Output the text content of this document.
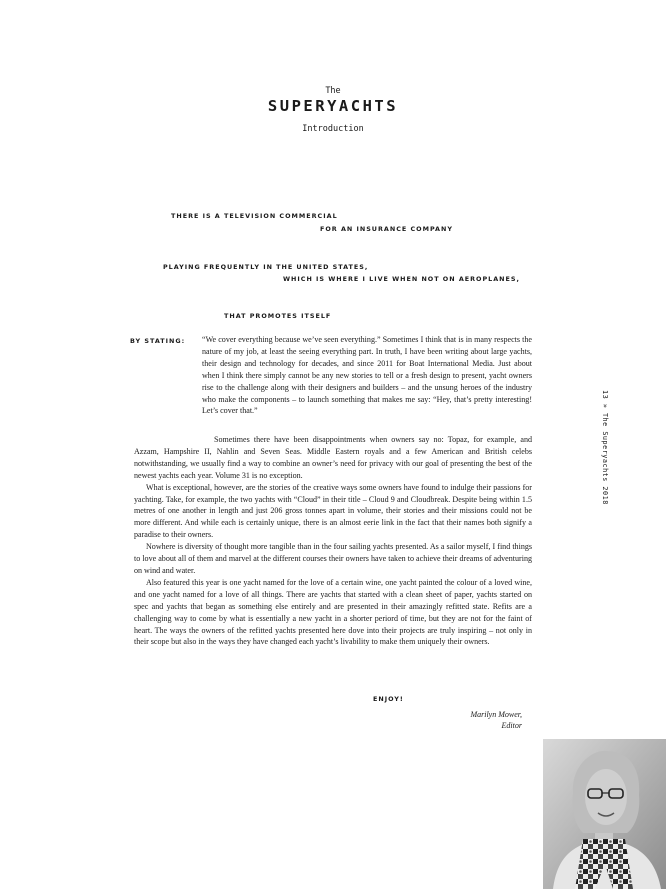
The
SUPERYACHTS
Introduction
THERE IS A TELEVISION COMMERCIAL
FOR AN INSURANCE COMPANY
PLAYING FREQUENTLY IN THE UNITED STATES,
WHICH IS WHERE I LIVE WHEN NOT ON AEROPLANES,
THAT PROMOTES ITSELF
BY STATING: “We cover everything because we’ve seen everything.” Sometimes I think that is in many respects the nature of my job, at least the seeing everything part. In truth, I have been writing about large yachts, their design and technology for decades, and since 2011 for Boat International Media. Just about when I think there simply cannot be any new stories to tell or a fresh design to present, yacht owners rise to the challenge along with their designers and builders – and the unsung heroes of the industry who make the components – to launch something that makes me say: “Hey, that’s pretty interesting! Let’s cover that.”

Sometimes there have been disappointments when owners say no: Topaz, for example, and Azzam, Hampshire II, Nahlin and Seven Seas. Middle Eastern royals and a few American and British celebs notwithstanding, we usually find a way to combine an owner’s need for privacy with our goal of presenting the best of the newest yachts each year. Volume 31 is no exception.

What is exceptional, however, are the stories of the creative ways some owners have found to indulge their passions for yachting. Take, for example, the two yachts with “Cloud” in their title – Cloud 9 and Cloudbreak. Despite being within 1.5 metres of one another in length and just 206 gross tonnes apart in volume, their stories and their missions could not be more different. And while each is certainly unique, there is an almost eerie link in the fact that their names both signify a paradise to their owners.

Nowhere is diversity of thought more tangible than in the four sailing yachts presented. As a sailor myself, I find things to love about all of them and marvel at the different courses their owners have taken to achieve their dreams of adventuring on wind and water.

Also featured this year is one yacht named for the love of a certain wine, one yacht painted the colour of a loved wine, and one yacht named for a love of all things. There are yachts that started with a clean sheet of paper, yachts started on spec and yachts that began as something else entirely and are presented in their amazingly refitted state. Refits are a challenging way to come by what is essentially a new yacht in a shorter periord of time, but they are not for the faint of heart. The ways the owners of the refitted yachts presented here dove into their projects are truly inspiring – not only in their scope but also in the ways they have changed each yacht’s livability to make them uniquely their owners.

ENJOY!
Marilyn Mower,
Editor
13 » The Superyachts 2018
